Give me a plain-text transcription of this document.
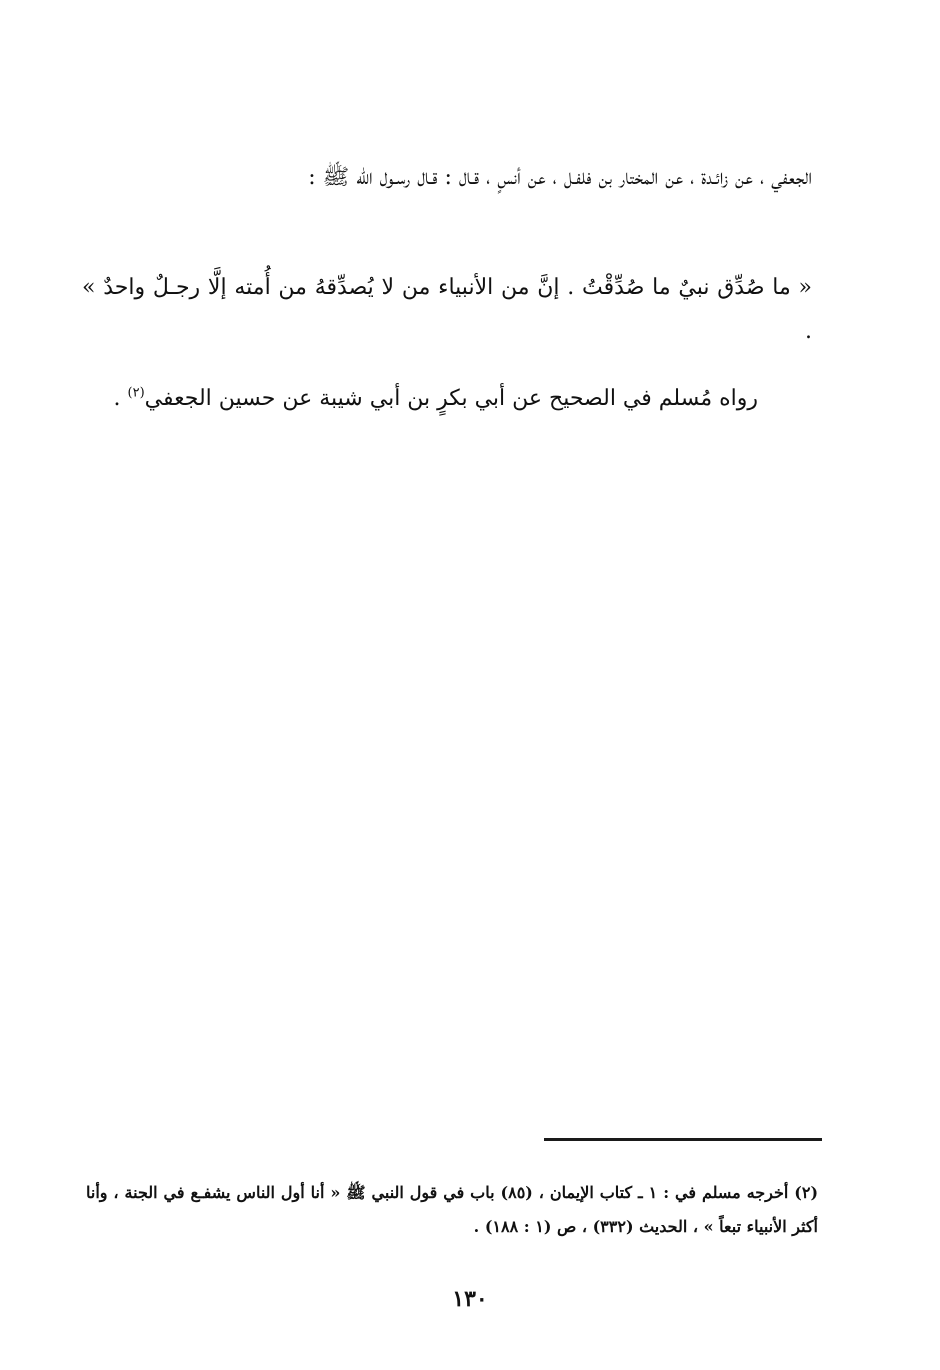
الجعفي ، عن زائـدة ، عن المختار بن فلفـل ، عن أنسٍ ، قـال : قـال رسـول الله ﷺ :

« ما صُدِّق نبيٌ ما صُدِّقْتُ . إنَّ من الأنبياء من لا يُصدِّقهُ من أُمته إلَّا رجـلٌ واحدٌ » .

رواه مُسلم في الصحيح عن أبي بكرٍ بن أبي شيبة عن حسين الجعفي$^{(٢)}$ .

(٢) أخرجه مسلم في : ١ ـ كتاب الإيمان ، (٨٥) باب في قول النبي ﷺ « أنا أول الناس يشفـع في الجنة ، وأنا أكثر الأنبياء تبعاً » ، الحديث (٣٣٢) ، ص (١ : ١٨٨) .

١٣٠
